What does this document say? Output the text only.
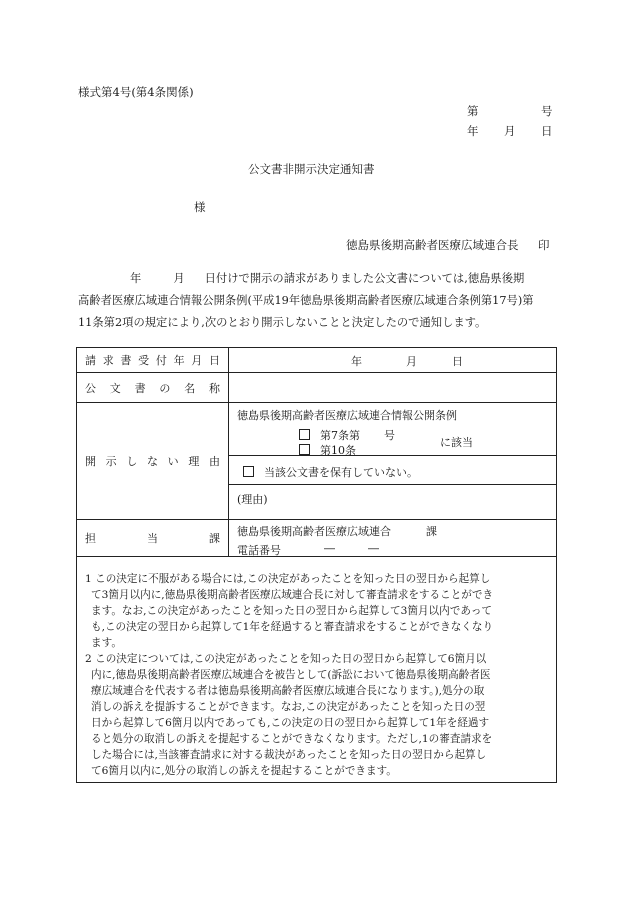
様式第4号(第4条関係)
第	号
年 月 日
公文書非開示決定通知書
様
徳島県後期高齢者医療広域連合長 印
年	月 日付けで開示の請求がありました公文書については,徳島県後期
高齢者医療広域連合情報公開条例(平成19年徳島県後期高齢者医療広域連合条例第17号)第
11条第2項の規定により,次のとおり開示しないことと決定したので通知します。
請求書受付年月日	年 月 日

公文書の名称	
開示しない理由	徳島県後期高齢者医療広域連合情報公開条例
第7条第 号
第10条
に該当

	当該公文書を保有していない。

	(理由)

担当課	徳島県後期高齢者医療広域連合 課
電話番号 ― ―
1 この決定に不服がある場合には,この決定があったことを知った日の翌日から起算し
て3箇月以内に,徳島県後期高齢者医療広域連合長に対して審査請求をすることができ
ます。なお,この決定があったことを知った日の翌日から起算して3箇月以内であって
も,この決定の翌日から起算して1年を経過すると審査請求をすることができなくなり
ます。
2 この決定については,この決定があったことを知った日の翌日から起算して6箇月以
内に,徳島県後期高齢者医療広域連合を被告として(訴訟において徳島県後期高齢者医
療広域連合を代表する者は徳島県後期高齢者医療広域連合長になります。),処分の取
消しの訴えを提訴することができます。なお,この決定があったことを知った日の翌
日から起算して6箇月以内であっても,この決定の日の翌日から起算して1年を経過す
ると処分の取消しの訴えを提起することができなくなります。ただし,1の審査請求を
した場合には,当該審査請求に対する裁決があったことを知った日の翌日から起算し
て6箇月以内に,処分の取消しの訴えを提起することができます。
